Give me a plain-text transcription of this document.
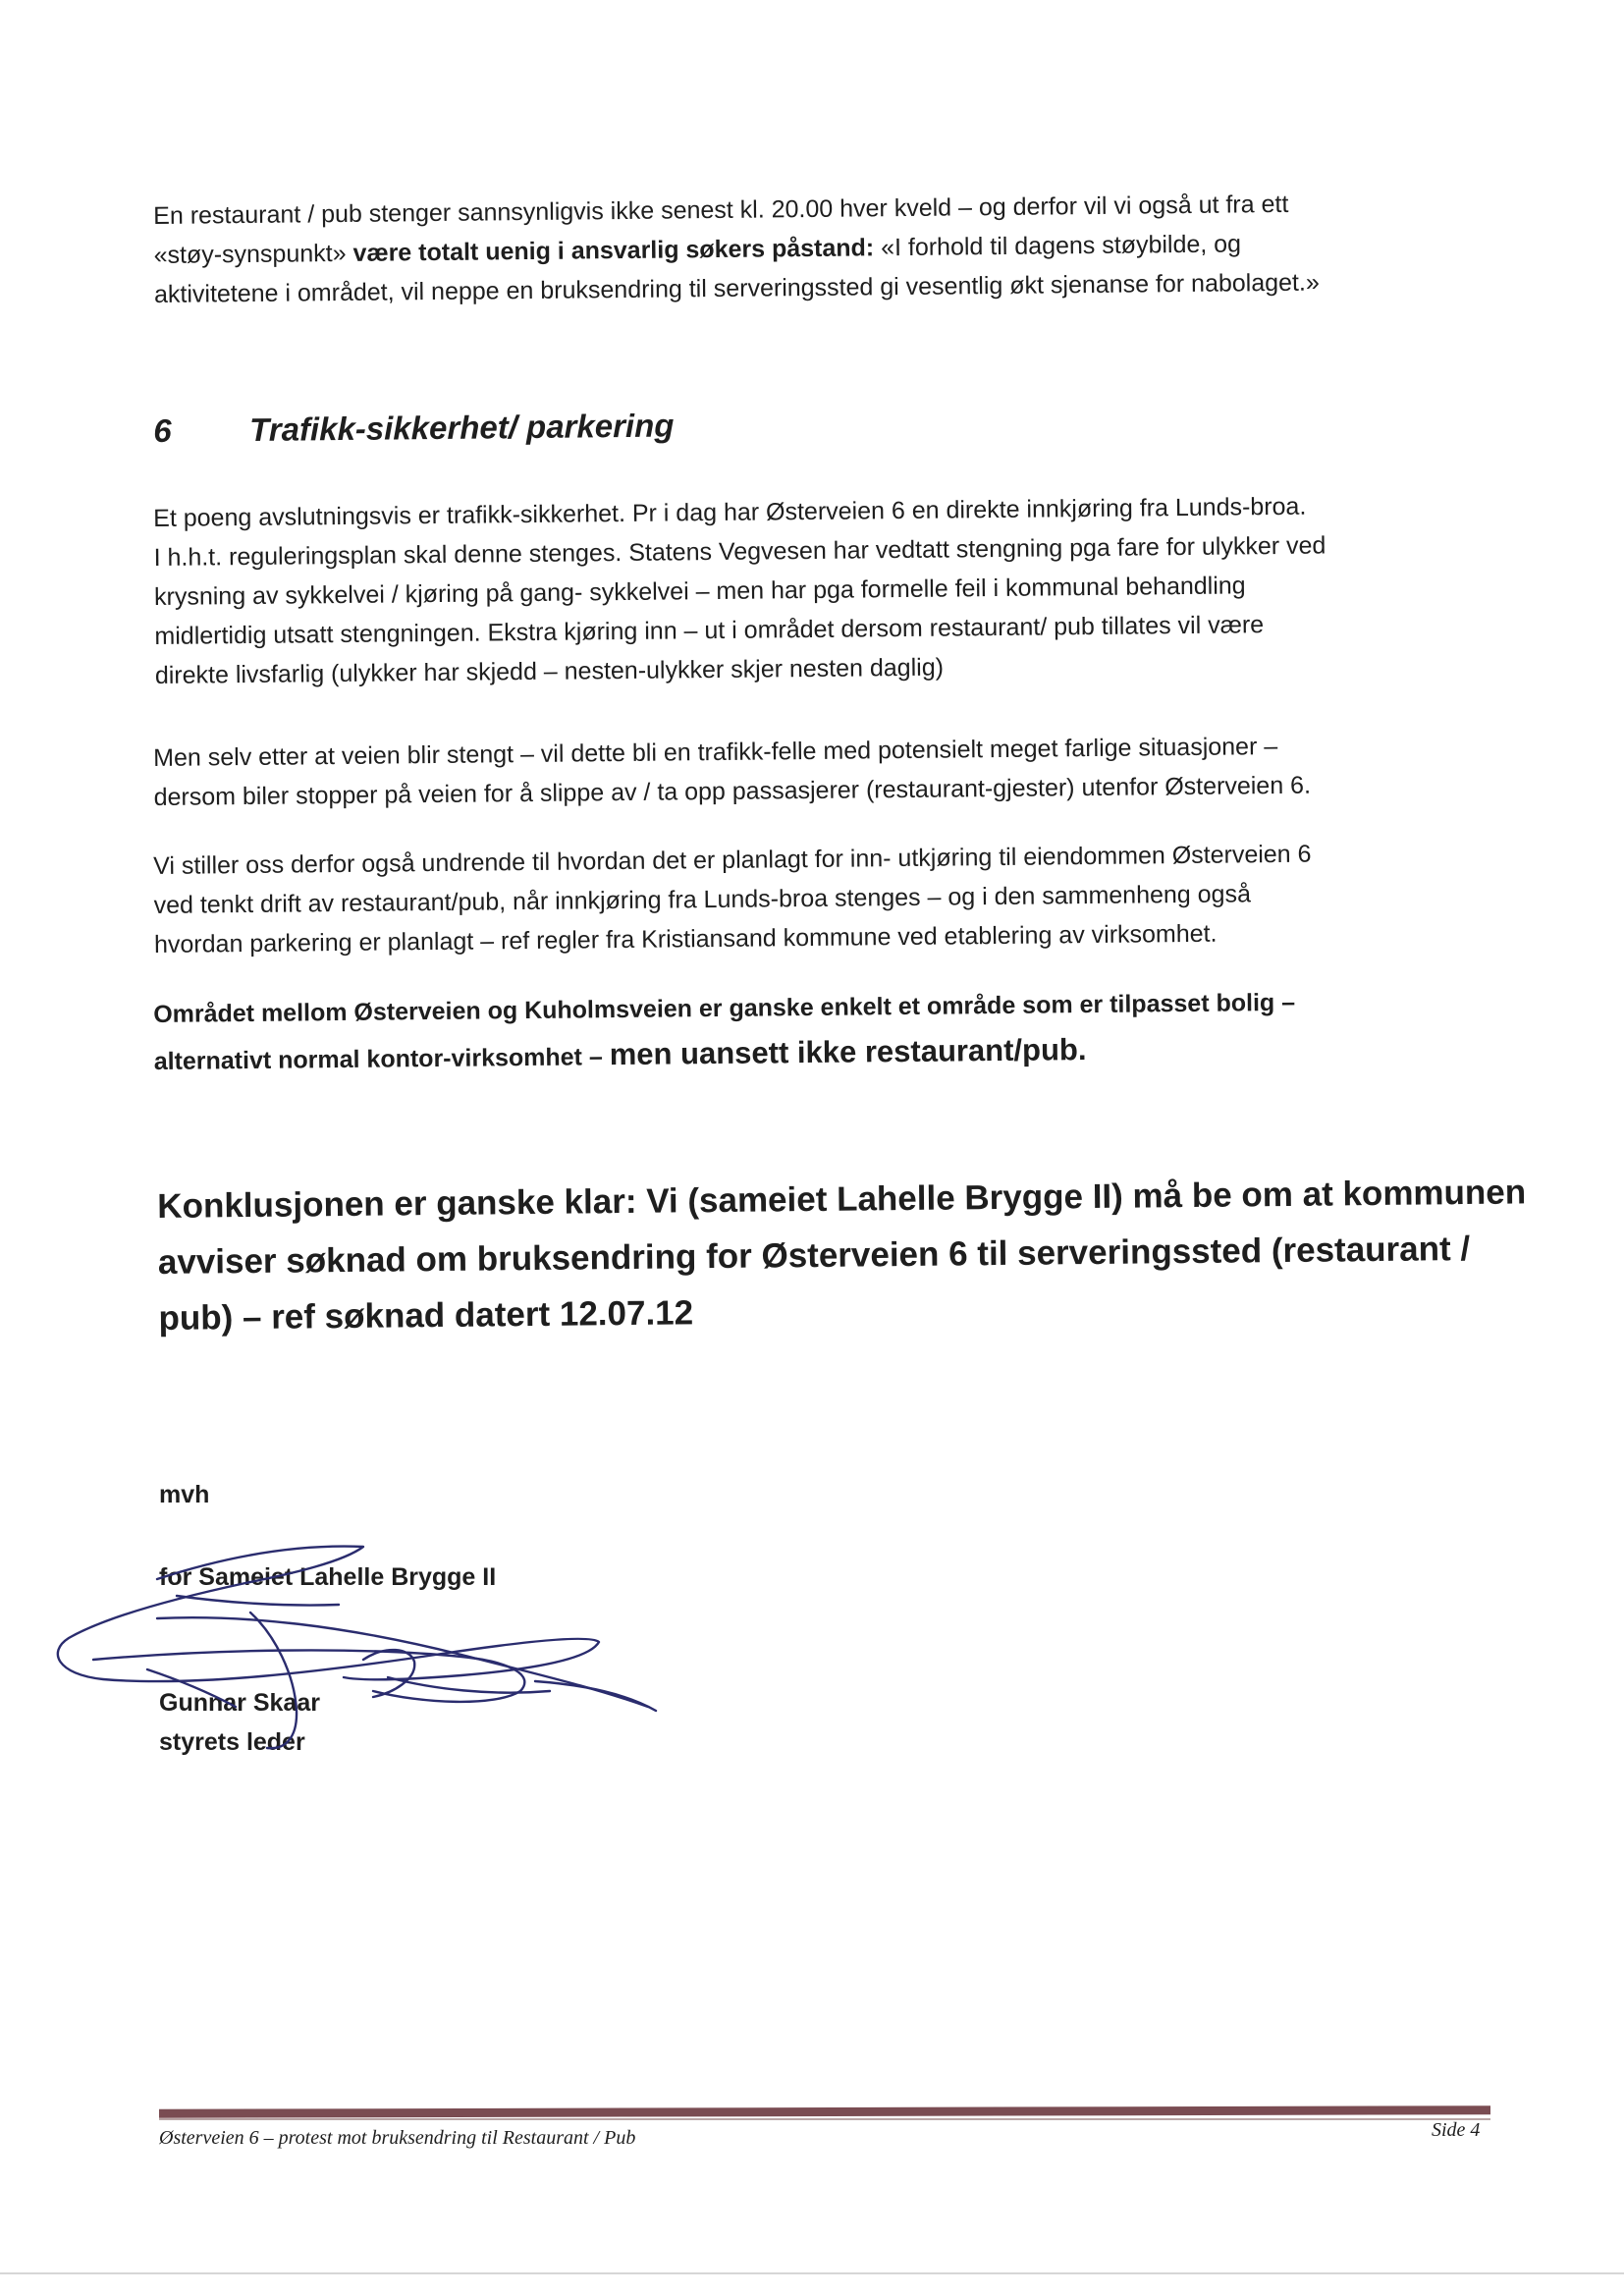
En restaurant / pub stenger sannsynligvis ikke senest kl. 20.00 hver kveld – og derfor vil vi også ut fra ett
«støy-synspunkt» være totalt uenig i ansvarlig søkers påstand: «I forhold til dagens støybilde, og
aktivitetene i området, vil neppe en bruksendring til serveringssted gi vesentlig økt sjenanse for nabolaget.»
6 Trafikk-sikkerhet/ parkering
Et poeng avslutningsvis er trafikk-sikkerhet. Pr i dag har Østerveien 6 en direkte innkjøring fra Lunds-broa.
I h.h.t. reguleringsplan skal denne stenges. Statens Vegvesen har vedtatt stengning pga fare for ulykker ved
krysning av sykkelvei / kjøring på gang- sykkelvei – men har pga formelle feil i kommunal behandling
midlertidig utsatt stengningen. Ekstra kjøring inn – ut i området dersom restaurant/ pub tillates vil være
direkte livsfarlig (ulykker har skjedd – nesten-ulykker skjer nesten daglig)
Men selv etter at veien blir stengt – vil dette bli en trafikk-felle med potensielt meget farlige situasjoner –
dersom biler stopper på veien for å slippe av / ta opp passasjerer (restaurant-gjester) utenfor Østerveien 6.
Vi stiller oss derfor også undrende til hvordan det er planlagt for inn- utkjøring til eiendommen Østerveien 6
ved tenkt drift av restaurant/pub, når innkjøring fra Lunds-broa stenges – og i den sammenheng også
hvordan parkering er planlagt – ref regler fra Kristiansand kommune ved etablering av virksomhet.
Området mellom Østerveien og Kuholmsveien er ganske enkelt et område som er tilpasset bolig –
alternativt normal kontor-virksomhet – men uansett ikke restaurant/pub.
Konklusjonen er ganske klar: Vi (sameiet Lahelle Brygge II) må be om at kommunen
avviser søknad om bruksendring for Østerveien 6 til serveringssted (restaurant /
pub) – ref søknad datert 12.07.12
mvh
for Sameiet Lahelle Brygge II
Gunnar Skaar
styrets leder
Østerveien 6 – protest mot bruksendring til Restaurant / Pub	Side 4
